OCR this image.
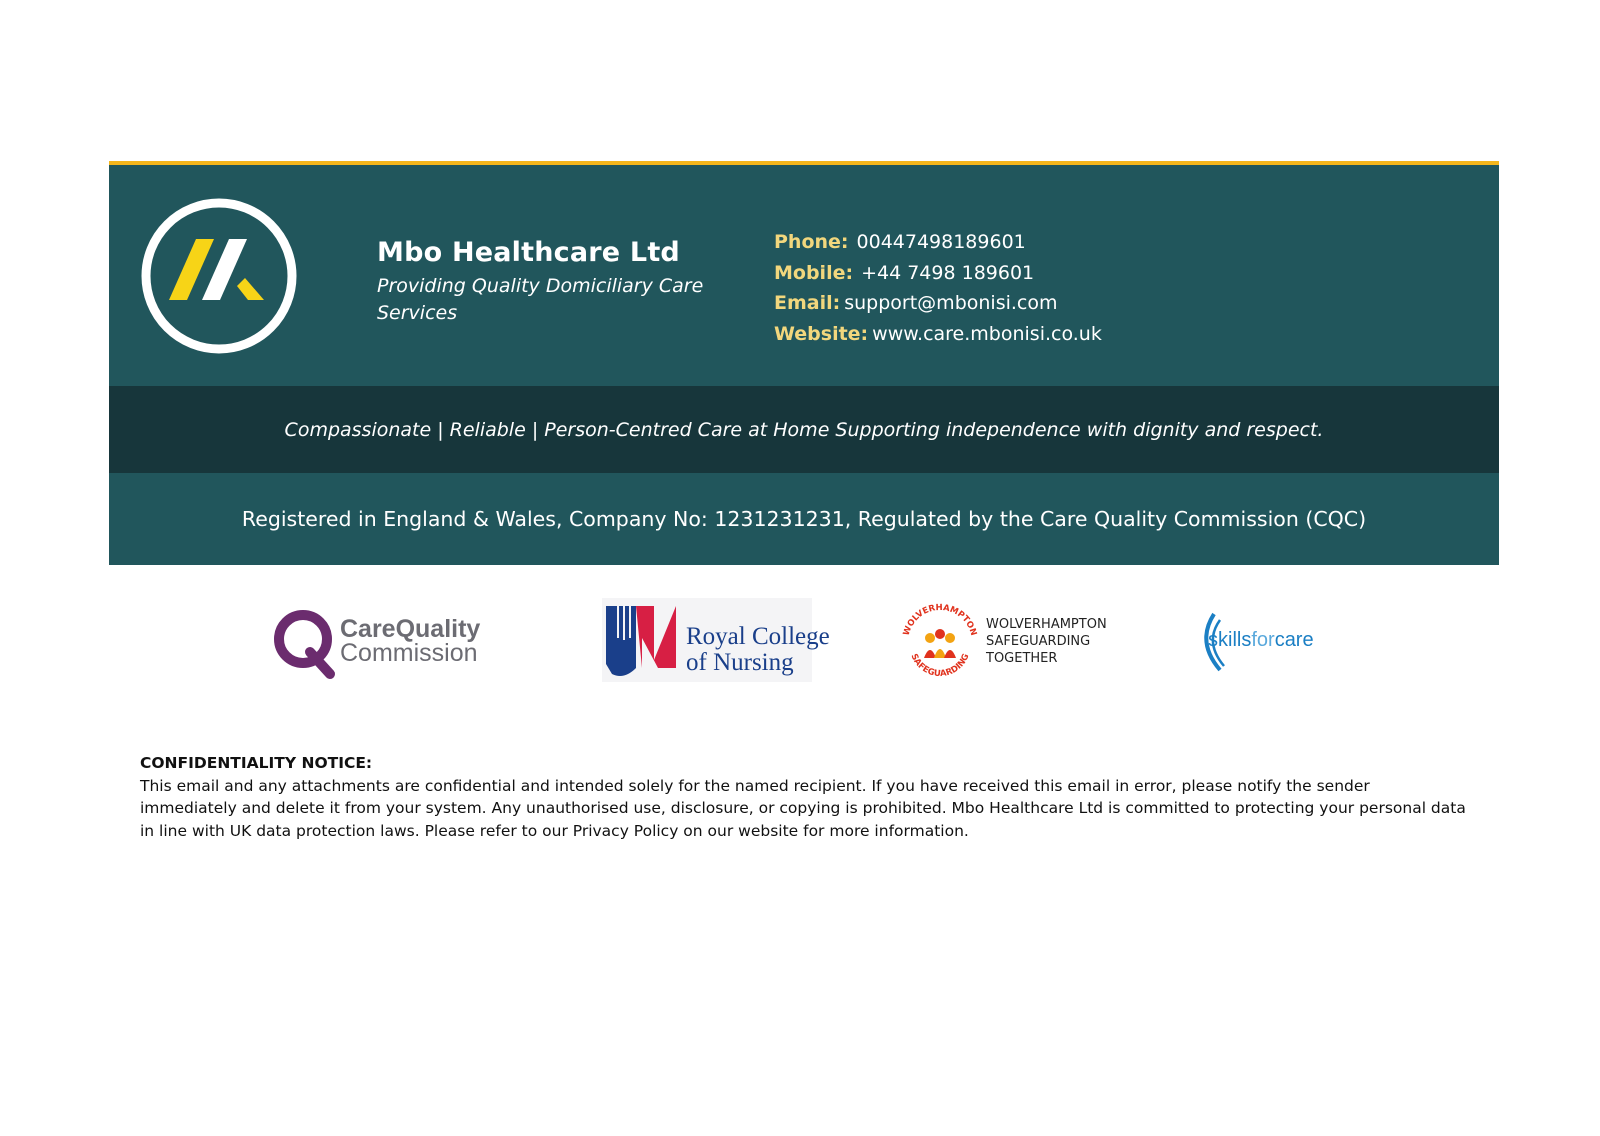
Mbo Healthcare Ltd
Providing Quality Domiciliary Care Services
Phone: 00447498189601
Mobile: +44 7498 189601
Email: support@mbonisi.com
Website: www.care.mbonisi.co.uk
Compassionate | Reliable | Person-Centred Care at Home Supporting independence with dignity and respect.
Registered in England & Wales, Company No: 1231231231, Regulated by the Care Quality Commission (CQC)
CareQuality
Commission
Royal College
of Nursing
WOLVERHAMPTON
SAFEGUARDING
WOLVERHAMPTON
SAFEGUARDING
TOGETHER
skillsforcare
CONFIDENTIALITY NOTICE:

This email and any attachments are confidential and intended solely for the named recipient. If you have received this email in error, please notify the sender immediately and delete it from your system. Any unauthorised use, disclosure, or copying is prohibited. Mbo Healthcare Ltd is committed to protecting your personal data in line with UK data protection laws. Please refer to our Privacy Policy on our website for more information.
